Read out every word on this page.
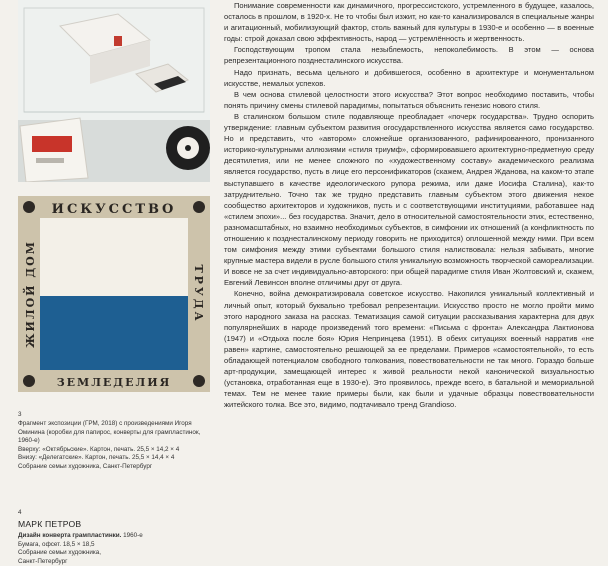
ИСКУССТВО
ЗЕМЛЕДЕЛИЯ
ЖИЛОЙ ДОМ	ТРУДА
3
Фрагмент экспозиции (ГРМ, 2018) с произведениями Игоря Оминина (коробки для папирос, конверты для грампластинок, 1960-е)
Вверху: «Октябрьские». Картон, печать. 25,5 × 14,2 × 4
Внизу: «Делегатские». Картон, печать. 25,5 × 14,4 × 4
Собрание семьи художника, Санкт-Петербург
4
МАРК ПЕТРОВ
Дизайн конверта грампластинки. 1960-е
Бумага, офсет. 18,5 × 18,5
Собрание семьи художника,
Санкт-Петербург

Понимание современности как динамичного, прогрессистского, устремленного в будущее, казалось, осталось в прошлом, в 1920-х. Не то чтобы был изжит, но как-то канализировался в специальные жанры и агитационный, мобилизующий фактор, столь важный для культуры в 1930-е и особенно — в военные годы: строй доказал свою эффективность, народ — устремлённость и жертвенность.

Господствующим тропом стала незыблемость, непоколебимость. В этом — основа репрезентационного позднесталинского искусства.

Надо признать, весьма цельного и добившегося, особенно в архитектуре и монументальном искусстве, немалых успехов.

В чем основа стилевой целостности этого искусства? Этот вопрос необходимо поставить, чтобы понять причину смены стилевой парадигмы, попытаться объяснить генезис нового стиля.

В сталинском большом стиле подавляюще преобладает «почерк государства». Трудно оспорить утверждение: главным субъектом развития огосударствленного искусства является само государство. Но и представить, что «автором» сложнейше организованного, рафинированного, пронизанного историко-культурными аллюзиями «стиля триумф», сформировавшего архитектурно-предметную среду десятилетия, или не менее сложного по «художественному составу» академического реализма является государство, пусть в лице его персонификаторов (скажем, Андрея Жданова, на каком-то этапе выступавшего в качестве идеологического рупора режима, или даже Иосифа Сталина), как-то затруднительно. Точно так же трудно представить главным субъектом этого движения некое сообщество архитекторов и художников, пусть и с соответствующими институциями, работавшее над «стилем эпохи»... без государства. Значит, дело в относительной самостоятельности этих, естественно, разномасштабных, но взаимно необходимых субъектов, в симфонии их отношений (а конфликтность по отношению к позднесталинскому периоду говорить не приходится) оплошенной между ними. При всем том симфония между этими субъектами большого стиля налиствовала: нельзя забывать, многие крупные мастера видели в русле большого стиля уникальную возможность творческой самореализации. И вовсе не за счет индивидуально-авторского: при общей парадигме стиля Иван Жолтовский и, скажем, Евгений Левинсон вполне отличимы друг от друга.

Конечно, война демократизировала советское искусство. Накопился уникальный коллективный и личный опыт, который буквально требовал репрезентации. Искусство просто не могло пройти мимо этого народного заказа на рассказ. Тематизация самой ситуации рассказывания характерна для двух популярнейших в народе произведений того времени: «Письма с фронта» Александра Лактионова (1947) и «Отдыха после боя» Юрия Непринцева (1951). В обеих ситуациях военный нарратив «не равен» картине, самостоятельно решающей за ее пределами. Примеров «самостоятельной», то есть обладающей потенциалом свободного толкования, повествовательности не так много. Гораздо больше арт-продукции, замещающей интерес к живой реальности некой канонической визуальностью (установка, отработанная еще в 1930-е). Это проявилось, прежде всего, в батальной и мемориальной темах. Тем не менее такие примеры были, как были и удачные образцы повествовательности житейского толка. Все это, видимо, подтачивало тренд Grandioso.
